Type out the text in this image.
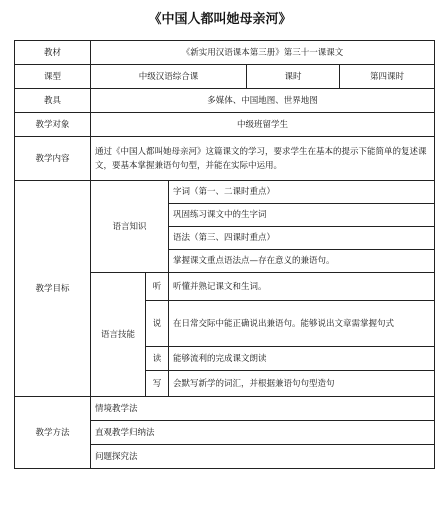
《中国人都叫她母亲河》
教材	《新实用汉语课本第三册》第三十一课课文				
课型	中级汉语综合课			课时	第四课时
教具	多媒体、中国地图、世界地图				
教学对象	中级班留学生				
教学内容	通过《中国人都叫她母亲河》这篇课文的学习，要求学生在基本的提示下能简单的复述课文，要基本掌握兼语句句型，并能在实际中运用。				
教学目标	语言知识		字词（第一、二课时重点）		
			巩固练习课文中的生字词		
			语法（第三、四课时重点）		
			掌握课文重点语法点—存在意义的兼语句。		
	语言技能	听	听懂并熟记课文和生词。		
		说	在日常交际中能正确说出兼语句。能够说出文章需掌握句式		
		读	能够流利的完成课文朗读		
		写	会默写新学的词汇，并根据兼语句句型造句		
教学方法	情境教学法				
	直观教学归纳法				
	问题探究法				
